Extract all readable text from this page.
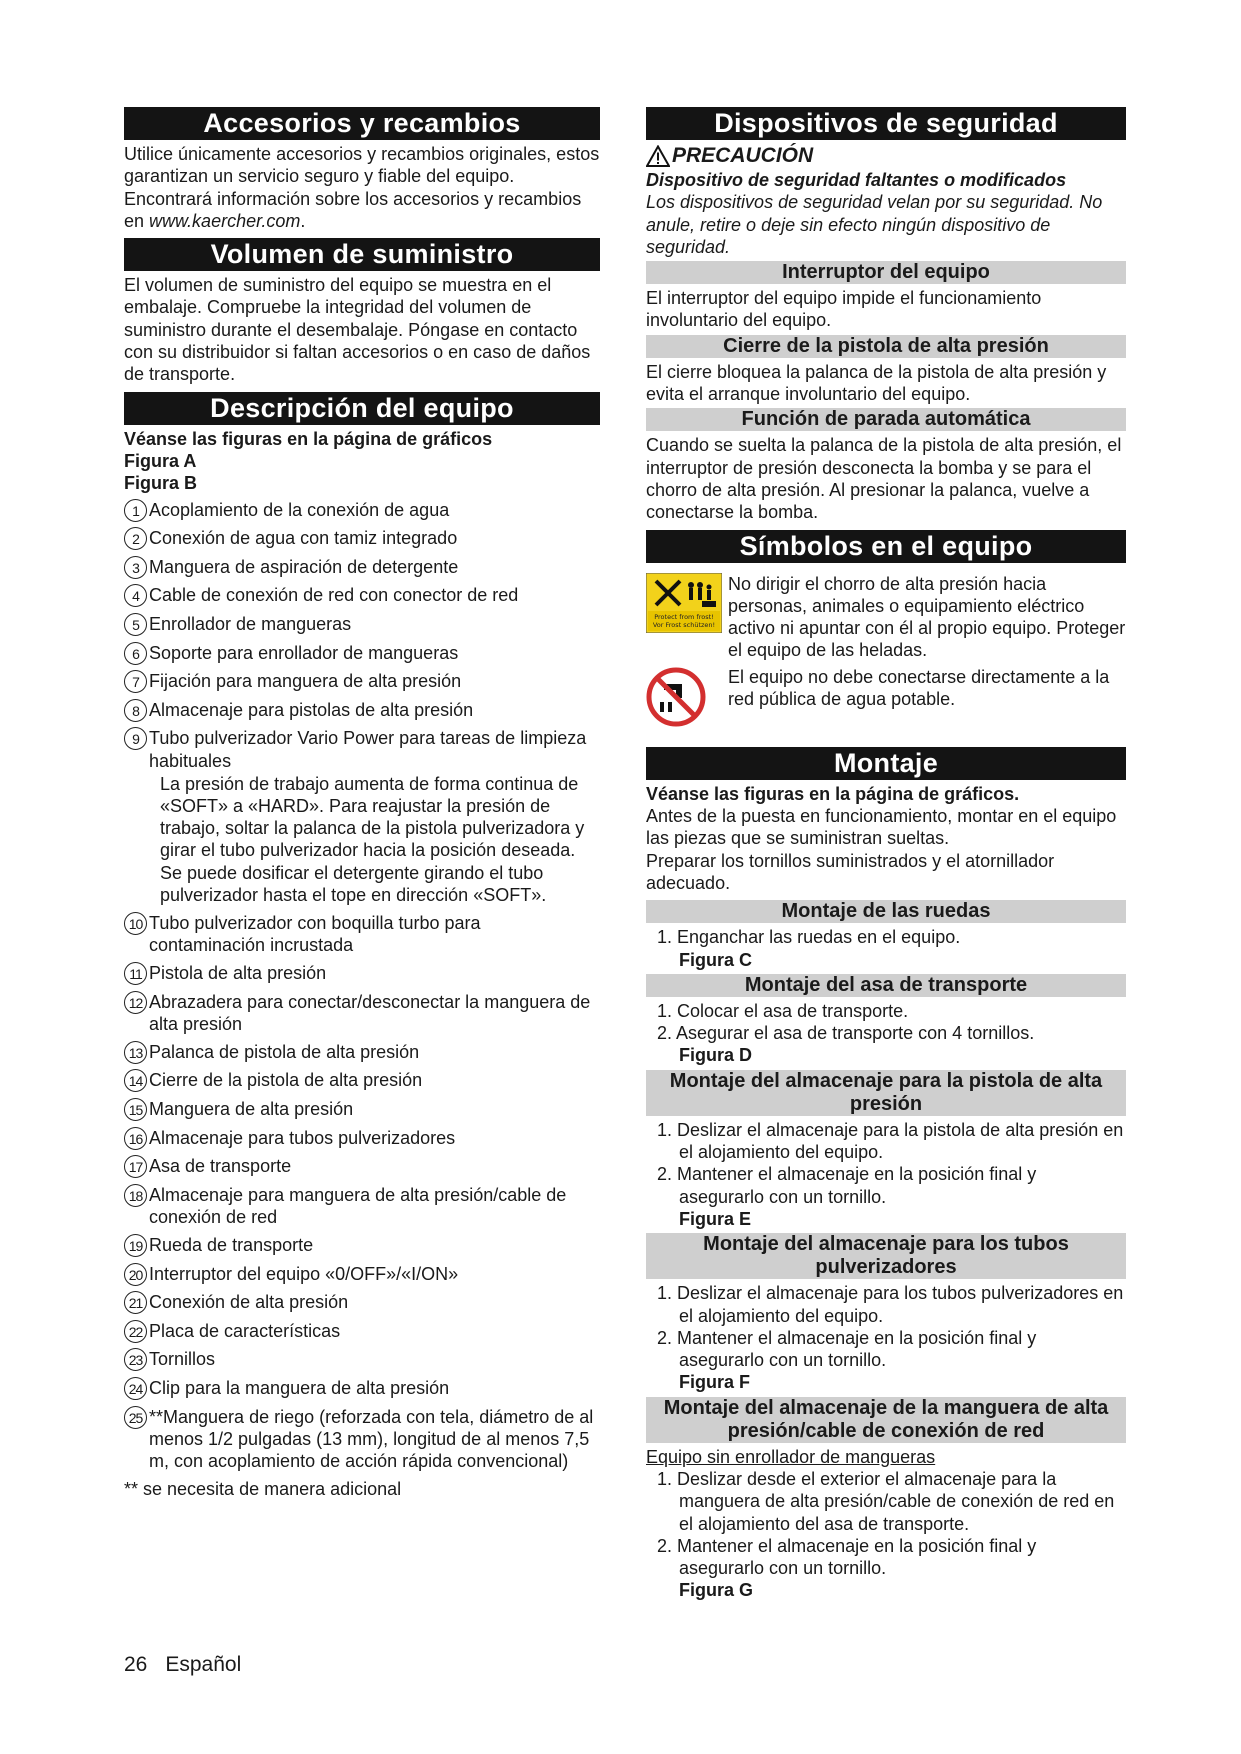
Accesorios y recambios

Utilice únicamente accesorios y recambios originales, estos garantizan un servicio seguro y fiable del equipo. Encontrará información sobre los accesorios y recambios en www.kaercher.com.

Volumen de suministro

El volumen de suministro del equipo se muestra en el embalaje. Compruebe la integridad del volumen de suministro durante el desembalaje. Póngase en contacto con su distribuidor si faltan accesorios o en caso de daños de transporte.

Descripción del equipo

Véanse las figuras en la página de gráficos

Figura A

Figura B

1 Acoplamiento de la conexión de agua
2 Conexión de agua con tamiz integrado
3 Manguera de aspiración de detergente
4 Cable de conexión de red con conector de red
5 Enrollador de mangueras
6 Soporte para enrollador de mangueras
7 Fijación para manguera de alta presión
8 Almacenaje para pistolas de alta presión
9 Tubo pulverizador Vario Power para tareas de limpieza habituales
La presión de trabajo aumenta de forma continua de «SOFT» a «HARD». Para reajustar la presión de trabajo, soltar la palanca de la pistola pulverizadora y girar el tubo pulverizador hacia la posición deseada. Se puede dosificar el detergente girando el tubo pulverizador hasta el tope en dirección «SOFT».
10 Tubo pulverizador con boquilla turbo para contaminación incrustada
11 Pistola de alta presión
12 Abrazadera para conectar/desconectar la manguera de alta presión
13 Palanca de pistola de alta presión
14 Cierre de la pistola de alta presión
15 Manguera de alta presión
16 Almacenaje para tubos pulverizadores
17 Asa de transporte
18 Almacenaje para manguera de alta presión/cable de conexión de red
19 Rueda de transporte
20 Interruptor del equipo «0/OFF»/«I/ON»
21 Conexión de alta presión
22 Placa de características
23 Tornillos
24 Clip para la manguera de alta presión
25 **Manguera de riego (reforzada con tela, diámetro de al menos 1/2 pulgadas (13 mm), longitud de al menos 7,5 m, con acoplamiento de acción rápida convencional)

** se necesita de manera adicional

Dispositivos de seguridad
PRECAUCIÓN

Dispositivo de seguridad faltantes o modificados

Los dispositivos de seguridad velan por su seguridad. No anule, retire o deje sin efecto ningún dispositivo de seguridad.

Interruptor del equipo

El interruptor del equipo impide el funcionamiento involuntario del equipo.

Cierre de la pistola de alta presión

El cierre bloquea la palanca de la pistola de alta presión y evita el arranque involuntario del equipo.

Función de parada automática

Cuando se suelta la palanca de la pistola de alta presión, el interruptor de presión desconecta la bomba y se para el chorro de alta presión. Al presionar la palanca, vuelve a conectarse la bomba.

Símbolos en el equipo
Protect from frost!
Vor Frost schützen!

No dirigir el chorro de alta presión hacia personas, animales o equipamiento eléctrico activo ni apuntar con él al propio equipo. Proteger el equipo de las heladas.

El equipo no debe conectarse directamente a la red pública de agua potable.

Montaje

Véanse las figuras en la página de gráficos.

Antes de la puesta en funcionamiento, montar en el equipo las piezas que se suministran sueltas.

Preparar los tornillos suministrados y el atornillador adecuado.

Montaje de las ruedas
1. Enganchar las ruedas en el equipo.

Figura C

Montaje del asa de transporte
1. Colocar el asa de transporte.
2. Asegurar el asa de transporte con 4 tornillos.

Figura D

Montaje del almacenaje para la pistola de alta presión
1. Deslizar el almacenaje para la pistola de alta presión en el alojamiento del equipo.
2. Mantener el almacenaje en la posición final y asegurarlo con un tornillo.

Figura E

Montaje del almacenaje para los tubos pulverizadores
1. Deslizar el almacenaje para los tubos pulverizadores en el alojamiento del equipo.
2. Mantener el almacenaje en la posición final y asegurarlo con un tornillo.

Figura F

Montaje del almacenaje de la manguera de alta presión/cable de conexión de red

Equipo sin enrollador de mangueras

1. Deslizar desde el exterior el almacenaje para la manguera de alta presión/cable de conexión de red en el alojamiento del asa de transporte.
2. Mantener el almacenaje en la posición final y asegurarlo con un tornillo.

Figura G

26 Español
